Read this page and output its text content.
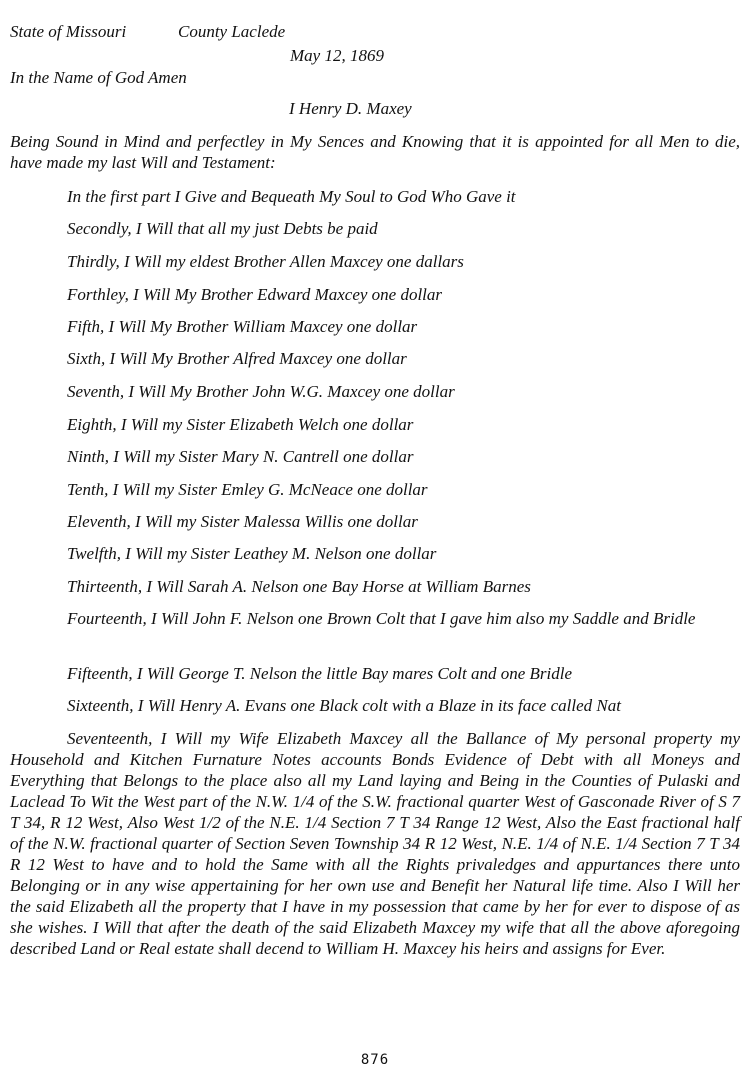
State of Missouri	County Laclede
May 12, 1869
In the Name of God Amen
I Henry D. Maxey
Being Sound in Mind and perfectley in My Sences and Knowing that it is appointed for all Men to die, have made my last Will and Testament:
In the first part I Give and Bequeath My Soul to God Who Gave it
Secondly, I Will that all my just Debts be paid
Thirdly, I Will my eldest Brother Allen Maxcey one dallars
Forthley, I Will My Brother Edward Maxcey one dollar
Fifth, I Will My Brother William Maxcey one dollar
Sixth, I Will My Brother Alfred Maxcey one dollar
Seventh, I Will My Brother John W.G. Maxcey one dollar
Eighth, I Will my Sister Elizabeth Welch one dollar
Ninth, I Will my Sister Mary N. Cantrell one dollar
Tenth, I Will my Sister Emley G. McNeace one dollar
Eleventh, I Will my Sister Malessa Willis one dollar
Twelfth, I Will my Sister Leathey M. Nelson one dollar
Thirteenth, I Will Sarah A. Nelson one Bay Horse at William Barnes
Fourteenth, I Will John F. Nelson one Brown Colt that I gave him also my Saddle and Bridle
Fifteenth, I Will George T. Nelson the little Bay mares Colt and one Bridle
Sixteenth, I Will Henry A. Evans one Black colt with a Blaze in its face called Nat
Seventeenth, I Will my Wife Elizabeth Maxcey all the Ballance of My personal property my Household and Kitchen Furnature Notes accounts Bonds Evidence of Debt with all Moneys and Everything that Belongs to the place also all my Land laying and Being in the Counties of Pulaski and Laclead To Wit the West part of the N.W. 1/4 of the S.W. fractional quarter West of Gasconade River of S 7 T 34, R 12 West, Also West 1/2 of the N.E. 1/4 Section 7 T 34 Range 12 West, Also the East fractional half of the N.W. fractional quarter of Section Seven Township 34 R 12 West, N.E. 1/4 of N.E. 1/4 Section 7 T 34 R 12 West to have and to hold the Same with all the Rights privaledges and appurtances there unto Belonging or in any wise appertaining for her own use and Benefit her Natural life time. Also I Will her the said Elizabeth all the property that I have in my possession that came by her for ever to dispose of as she wishes. I Will that after the death of the said Elizabeth Maxcey my wife that all the above aforegoing described Land or Real estate shall decend to William H. Maxcey his heirs and assigns for Ever.
876
